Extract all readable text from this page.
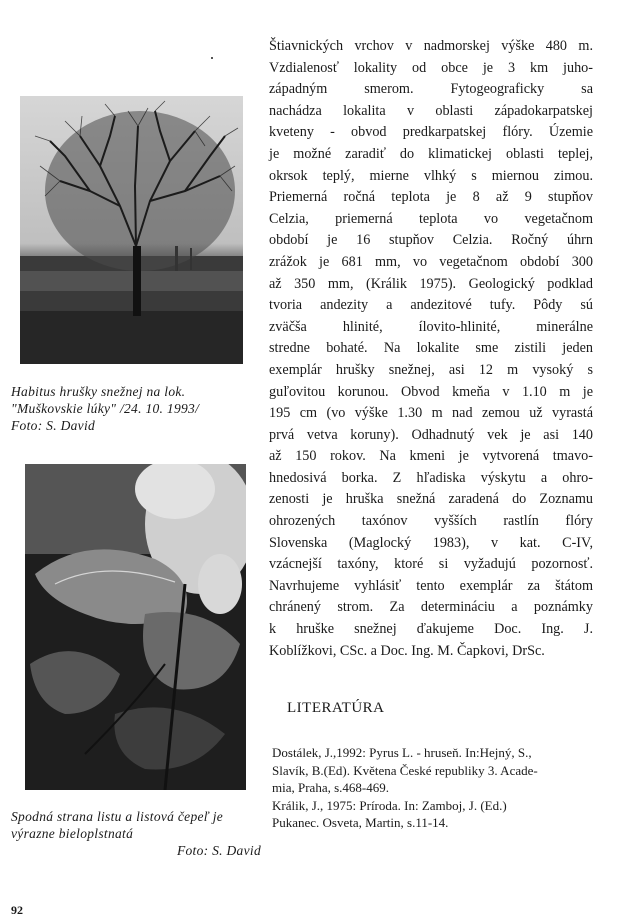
Habitus hrušky snežnej na lok.
"Muškovskie lúky" /24. 10. 1993/
Foto: S. David
Spodná strana listu a listová čepeľ je
výrazne bieloplstnatá
Foto: S. David
Štiavnických vrchov v nadmorskej výške 480 m.
Vzdialenosť lokality od obce je 3 km juho-
západným smerom. Fytogeograficky sa
nachádza lokalita v oblasti západokarpatskej
kveteny - obvod predkarpatskej flóry. Územie
je možné zaradiť do klimatickej oblasti teplej,
okrsok teplý, mierne vlhký s miernou zimou.
Priemerná ročná teplota je 8 až 9 stupňov
Celzia, priemerná teplota vo vegetačnom
období je 16 stupňov Celzia. Ročný úhrn
zrážok je 681 mm, vo vegetačnom období 300
až 350 mm, (Králik 1975). Geologický podklad
tvoria andezity a andezitové tufy. Pôdy sú
zväčša hlinité, ílovito-hlinité, minerálne
stredne bohaté. Na lokalite sme zistili jeden
exemplár hrušky snežnej, asi 12 m vysoký s
guľovitou korunou. Obvod kmeňa v 1.10 m je
195 cm (vo výške 1.30 m nad zemou už vyrastá
prvá vetva koruny). Odhadnutý vek je asi 140
až 150 rokov. Na kmeni je vytvorená tmavo-
hnedosivá borka. Z hľadiska výskytu a ohro-
zenosti je hruška snežná zaradená do Zoznamu
ohrozených taxónov vyšších rastlín flóry
Slovenska (Maglocký 1983), v kat. C-IV,
vzácnejší taxóny, ktoré si vyžadujú pozornosť.
Navrhujeme vyhlásiť tento exemplár za štátom
chránený strom. Za determináciu a poznámky
k hruške snežnej ďakujeme Doc. Ing. J.
Koblížkovi, CSc. a Doc. Ing. M. Čapkovi, DrSc.
LITERATÚRA
Dostálek, J.,1992: Pyrus L. - hruseň. In:Hejný, S.,
Slavík, B.(Ed). Květena České republiky 3. Acade-
mia, Praha, s.468-469.
Králik, J., 1975: Príroda. In: Zamboj, J. (Ed.)
Pukanec. Osveta, Martin, s.11-14.
92
